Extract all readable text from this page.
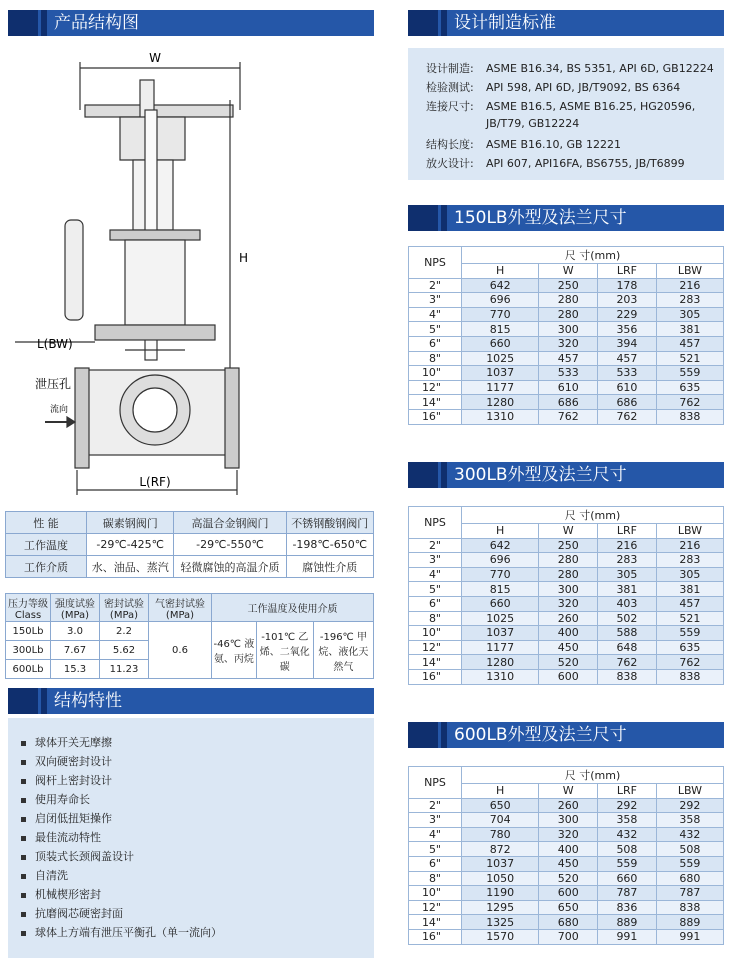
产品结构图	设计制造标准
150LB外型及法兰尺寸
300LB外型及法兰尺寸
600LB外型及法兰尺寸
结构特性
W
H
L(BW)
泄压孔
流向
L(RF)
设计制造: ASME B16.34, BS 5351, API 6D, GB12224
检验测试: API 598, API 6D, JB/T9092, BS 6364
连接尺寸: ASME B16.5, ASME B16.25, HG20596,
JB/T79, GB12224
结构长度: ASME B16.10, GB 12221
放火设计: API 607, API16FA, BS6755, JB/T6899
NPS	尺 寸(mm)			
	H	W	LRF	LBW
2"	642	250	178	216
3"	696	280	203	283
4"	770	280	229	305
5"	815	300	356	381
6"	660	320	394	457
8"	1025	457	457	521
10"	1037	533	533	559
12"	1177	610	610	635
14"	1280	686	686	762
16"	1310	762	762	838
NPS	尺 寸(mm)			
	H	W	LRF	LBW
2"	642	250	216	216
3"	696	280	283	283
4"	770	280	305	305
5"	815	300	381	381
6"	660	320	403	457
8"	1025	260	502	521
10"	1037	400	588	559
12"	1177	450	648	635
14"	1280	520	762	762
16"	1310	600	838	838
NPS	尺 寸(mm)			
	H	W	LRF	LBW
2"	650	260	292	292
3"	704	300	358	358
4"	780	320	432	432
5"	872	400	508	508
6"	1037	450	559	559
8"	1050	520	660	680
10"	1190	600	787	787
12"	1295	650	836	838
14"	1325	680	889	889
16"	1570	700	991	991
性 能	碳素钢阀门	高温合金钢阀门	不锈钢酸钢阀门
工作温度	-29℃-425℃	-29℃-550℃	-198℃-650℃
工作介质	水、油品、蒸汽	轻微腐蚀的高温介质	腐蚀性介质
压力等级 Class	强度试验 (MPa)	密封试验 (MPa)	气密封试验 (MPa)	工作温度及使用介质		
150Lb	3.0	2.2	0.6	-46℃ 液氨、丙烷	-101℃ 乙烯、二氧化碳	-196℃ 甲烷、液化天然气
300Lb	7.67	5.62				
600Lb	15.3	11.23				
球体开关无摩擦
双向硬密封设计
阀杆上密封设计
使用寿命长
启闭低扭矩操作
最佳流动特性
顶装式长颈阀盖设计
自清洗
机械楔形密封
抗磨阀芯硬密封面
球体上方端有泄压平衡孔（单一流向）
